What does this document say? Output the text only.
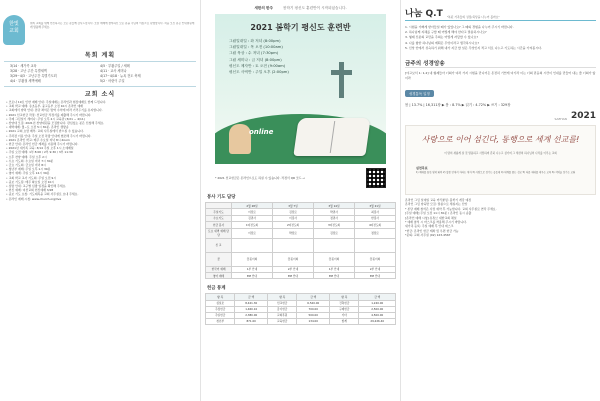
한빛
교회
위의 교회를 위해 헌신하시는 모든 분들께 감사드립니다. 오늘 예배에 참석하신 모든 분을 주님의 이름으로 환영합니다. 처음 오신 분은 안내위원에게 말씀해 주세요.
목회 계획
3/14 · 새가족 교육	4/5 · 부활주일 / 세례
3/28 · 고난 주간 특별새벽	4/11 · 교사 세미나
3/29~4/3 · 고난주간 특별기도회	4/17~4/18 · 뉴욕 전도 축제
4/4 · 부활절 새벽예배	5/2 · 어린이 주일
교회 소식
• 코로나 19로 인한 예배 안내: 주일예배는 온라인과 현장예배로 함께 드립니다.
• 교회 학교 예배: 유초등부, 중고등부 오전 10시 온라인 예배
• 교회에서 양력 안내: 본당 좌석은 방역 수칙에 따라 거리두기를 유지합니다.
• 2021 선교헌금 작정: 선교헌금 작정서를 제출해 주시기 바랍니다.
• 국제 그림일기 세미나: 주일 오후 2시 교육관 (3/21 ~ 4/11)
• 찬양대 모집: 2021년 찬양대원을 모집합니다. 관심있는 분은 신청해 주세요.
• 새벽예배: 월~토 오전 5시 30분, 온라인 생방송
• 2021 교회 요람 배부: 교회 사무실에서 받으실 수 있습니다.
• 주차장 이용 안내: 주일 오전 차량 안내에 협조해 주시기 바랍니다.
• 2021 온라인 학교: 매주 수요일 저녁 8시 Zoom
• 헌금 안내: 온라인 헌금 계좌를 이용해 주시기 바랍니다.
• 2021년 새가족 교육: 3/14 주일 오후 1시 소예배실
• 주일 오전 예배: 1부 8:00 / 2부 9:30 / 3부 11:30
• 오후 찬양 예배: 주일 오후 2시
• 수요 기도회: 수요일 저녁 7시 30분
• 금요 기도회: 금요일 저녁 8시
• 청년부 예배: 주일 오후 1시 30분
• 영어 예배: 주일 오후 12시 30분
• 교회 학교 교사 기도회: 주일 오전 9시
• 중보 기도팀: 매주 화요일 오전 10시
• 심방 안내: 교구별 심방 일정을 확인해 주세요.
• 헌신 예배: 여선교회 헌신예배 3/28
• 중보 기도 요청: 기도제목을 교회 사무실로 보내 주세요.
• 온라인 예배 시청: www.church.org/live
새한의 한주	봄학기 평신도 훈련반이 시작되었습니다.
2021 봄학기 평신도 훈련반
그림일대일 : 화 저녁 (8:00pm)
그림일대일 : 목 오전 (10:00am)
그림 묵상 : 수 저녁 (7:30pm)
그림 세미나 : 금 저녁 (8:00pm)
평신도 제자반 : 토 오전 (9:00am)
평신도 사역반 : 주일 오후 (2:00pm)
online
* 2021 선교헌금은 온라인으로도 하실 수 있습니다. 작정서 QR 코드 →
봉사 기도 담당
	2월 28일	3월 7일	3월 14일	3월 21일
주일기도	이장로	김장로	박권사	최집사
수요기도	김권사	이집사	정권사	한집사
헌금 봉사	1여전도회	2여전도회	3여전도회	4여전도회
토요 새벽 예배 담당	이장로	박장로	김장로	정장로
친 교				
꽃	꽃꽂이회	꽃꽂이회	꽃꽂이회	꽃꽂이회
한국어 예배	1부 안내	2부 안내	1부 안내	2부 안내
영어 예배	EM 안내	EM 안내	EM 안내	EM 안내
헌금 통계
항 목	금 액	항 목	금 액	항 목	금 액
십일조	8,421.30	선교헌금	6,520.00	건축헌금	1,240.00
주정헌금	1,460.10	감사헌금	700.00	구제헌금	2,500.00
주일헌금	2,380.00	교회후원	500.00	기타	4,500.00
청년부	871.00	교육헌금	134.00	합계	29,226.40
나눔 Q.T "복된 가족들의 성장/묵상을 나누어 볼까요"
1. 시험을 기뻐게 받아들일 때가 있었나요? 그 때의 경험을 나누어 주시기 바랍니다.
2. 하나님께 지혜를 구할 때 어떻게 해야 한다고 말씀하시나요?
3. 형제 신분의 교만을 주의는 어떻게 자랑할 수 있나요?
4. 나를 향한 하나님의 계획은 무엇이라고 생각하시나요?
5. 신앙 안에서 성숙하기 위해 내가 지금 할 일은 무엇인지 적고 서로 나누고 기도하는 시간을 가져봅시다.
금주의 성경암송
[야고보서 1: 1,2] 내 형제들아 너희가 여러 가지 시험을 만나거든 온전히 기쁘게 여기라 이는 너희 믿음의 시련이 인내를 만들어 내는 줄 너희가 앎이라
성경통독 일정
봄 | 13.7% | 16,311장 ▶ 봄 : 8.7% ▶ 읽기 : 4.72% ▶ 쓰기 : 329장
SAEHAN 2021
사랑으로 이어 섬긴다, 동행으로 세계 선교를!
이 땅의 새롭게 살 것 말씀하고 사랑하며 흔히 나누고 섬기며 그 세상의 하나님의 나라를 이루는 교회
실천목표
1) 예배를 통한 영적 회복 2) 말씀 안에서 자라는 제자 3) 사랑으로 섬기는 공동체 4) 세계를 품는 선교 5) 다음 세대를 세우는 교육 6) 지역을 섬기는 교회
온라인 그림 일대일 교육 커리큘럼: 봄학기 개강 예정
온라인 그림 양육반 모집: 말씀으로 세워지는 신앙
* 본당 예배 참석은 사전 예약 후 가능합니다. 교회 사무실로 연락 주세요.
[주일 예배] 주일 오전 11시 30분 / 온라인 동시 송출
[온라인 예배 시청] 유튜브 새한교회 채널
* 예배 참석 시 마스크를 착용해 주시기 바랍니다.
새가족 등록: 주일 예배 후 안내 데스크
*헌금: 온라인 헌금 계좌 및 우편 헌금 가능
*문의: 교회 사무실 (02) 123-4567
